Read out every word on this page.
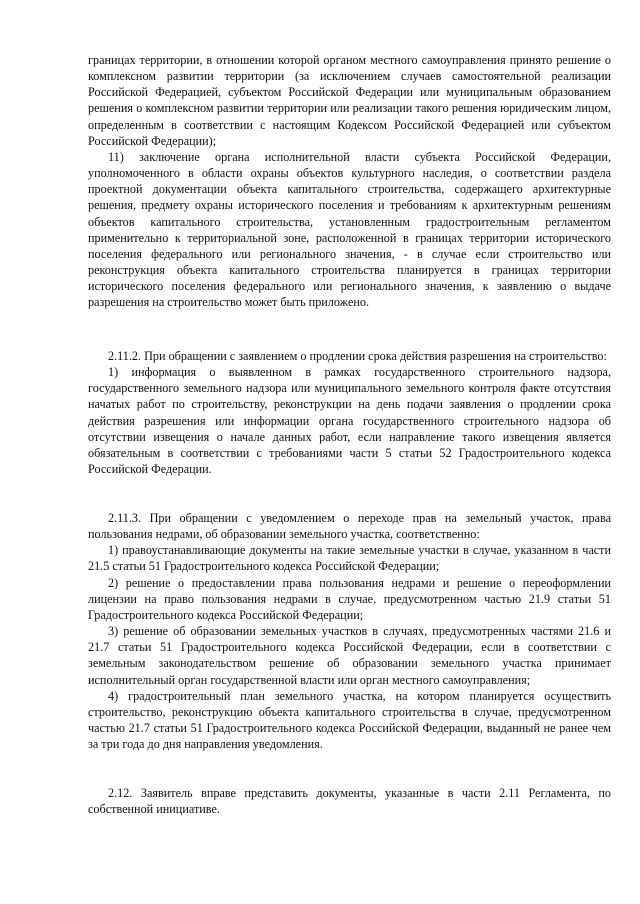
границах территории, в отношении которой органом местного самоуправления принято решение о комплексном развитии территории (за исключением случаев самостоятельной реализации Российской Федерацией, субъектом Российской Федерации или муниципальным образованием решения о комплексном развитии территории или реализации такого решения юридическим лицом, определенным в соответствии с настоящим Кодексом Российской Федерацией или субъектом Российской Федерации);

11) заключение органа исполнительной власти субъекта Российской Федерации, уполномоченного в области охраны объектов культурного наследия, о соответствии раздела проектной документации объекта капитального строительства, содержащего архитектурные решения, предмету охраны исторического поселения и требованиям к архитектурным решениям объектов капитального строительства, установленным градостроительным регламентом применительно к территориальной зоне, расположенной в границах территории исторического поселения федерального или регионального значения, - в случае если строительство или реконструкция объекта капитального строительства планируется в границах территории исторического поселения федерального или регионального значения, к заявлению о выдаче разрешения на строительство может быть приложено.

2.11.2. При обращении с заявлением о продлении срока действия разрешения на строительство:

1) информация о выявленном в рамках государственного строительного надзора, государственного земельного надзора или муниципального земельного контроля факте отсутствия начатых работ по строительству, реконструкции на день подачи заявления о продлении срока действия разрешения или информации органа государственного строительного надзора об отсутствии извещения о начале данных работ, если направление такого извещения является обязательным в соответствии с требованиями части 5 статьи 52 Градостроительного кодекса Российской Федерации.

2.11.3. При обращении с уведомлением о переходе прав на земельный участок, права пользования недрами, об образовании земельного участка, соответственно:

1) правоустанавливающие документы на такие земельные участки в случае, указанном в части 21.5 статьи 51 Градостроительного кодекса Российской Федерации;

2) решение о предоставлении права пользования недрами и решение о переоформлении лицензии на право пользования недрами в случае, предусмотренном частью 21.9 статьи 51 Градостроительного кодекса Российской Федерации;

3) решение об образовании земельных участков в случаях, предусмотренных частями 21.6 и 21.7 статьи 51 Градостроительного кодекса Российской Федерации, если в соответствии с земельным законодательством решение об образовании земельного участка принимает исполнительный орган государственной власти или орган местного самоуправления;

4) градостроительный план земельного участка, на котором планируется осуществить строительство, реконструкцию объекта капитального строительства в случае, предусмотренном частью 21.7 статьи 51 Градостроительного кодекса Российской Федерации, выданный не ранее чем за три года до дня направления уведомления.

2.12. Заявитель вправе представить документы, указанные в части 2.11 Регламента, по собственной инициативе.
